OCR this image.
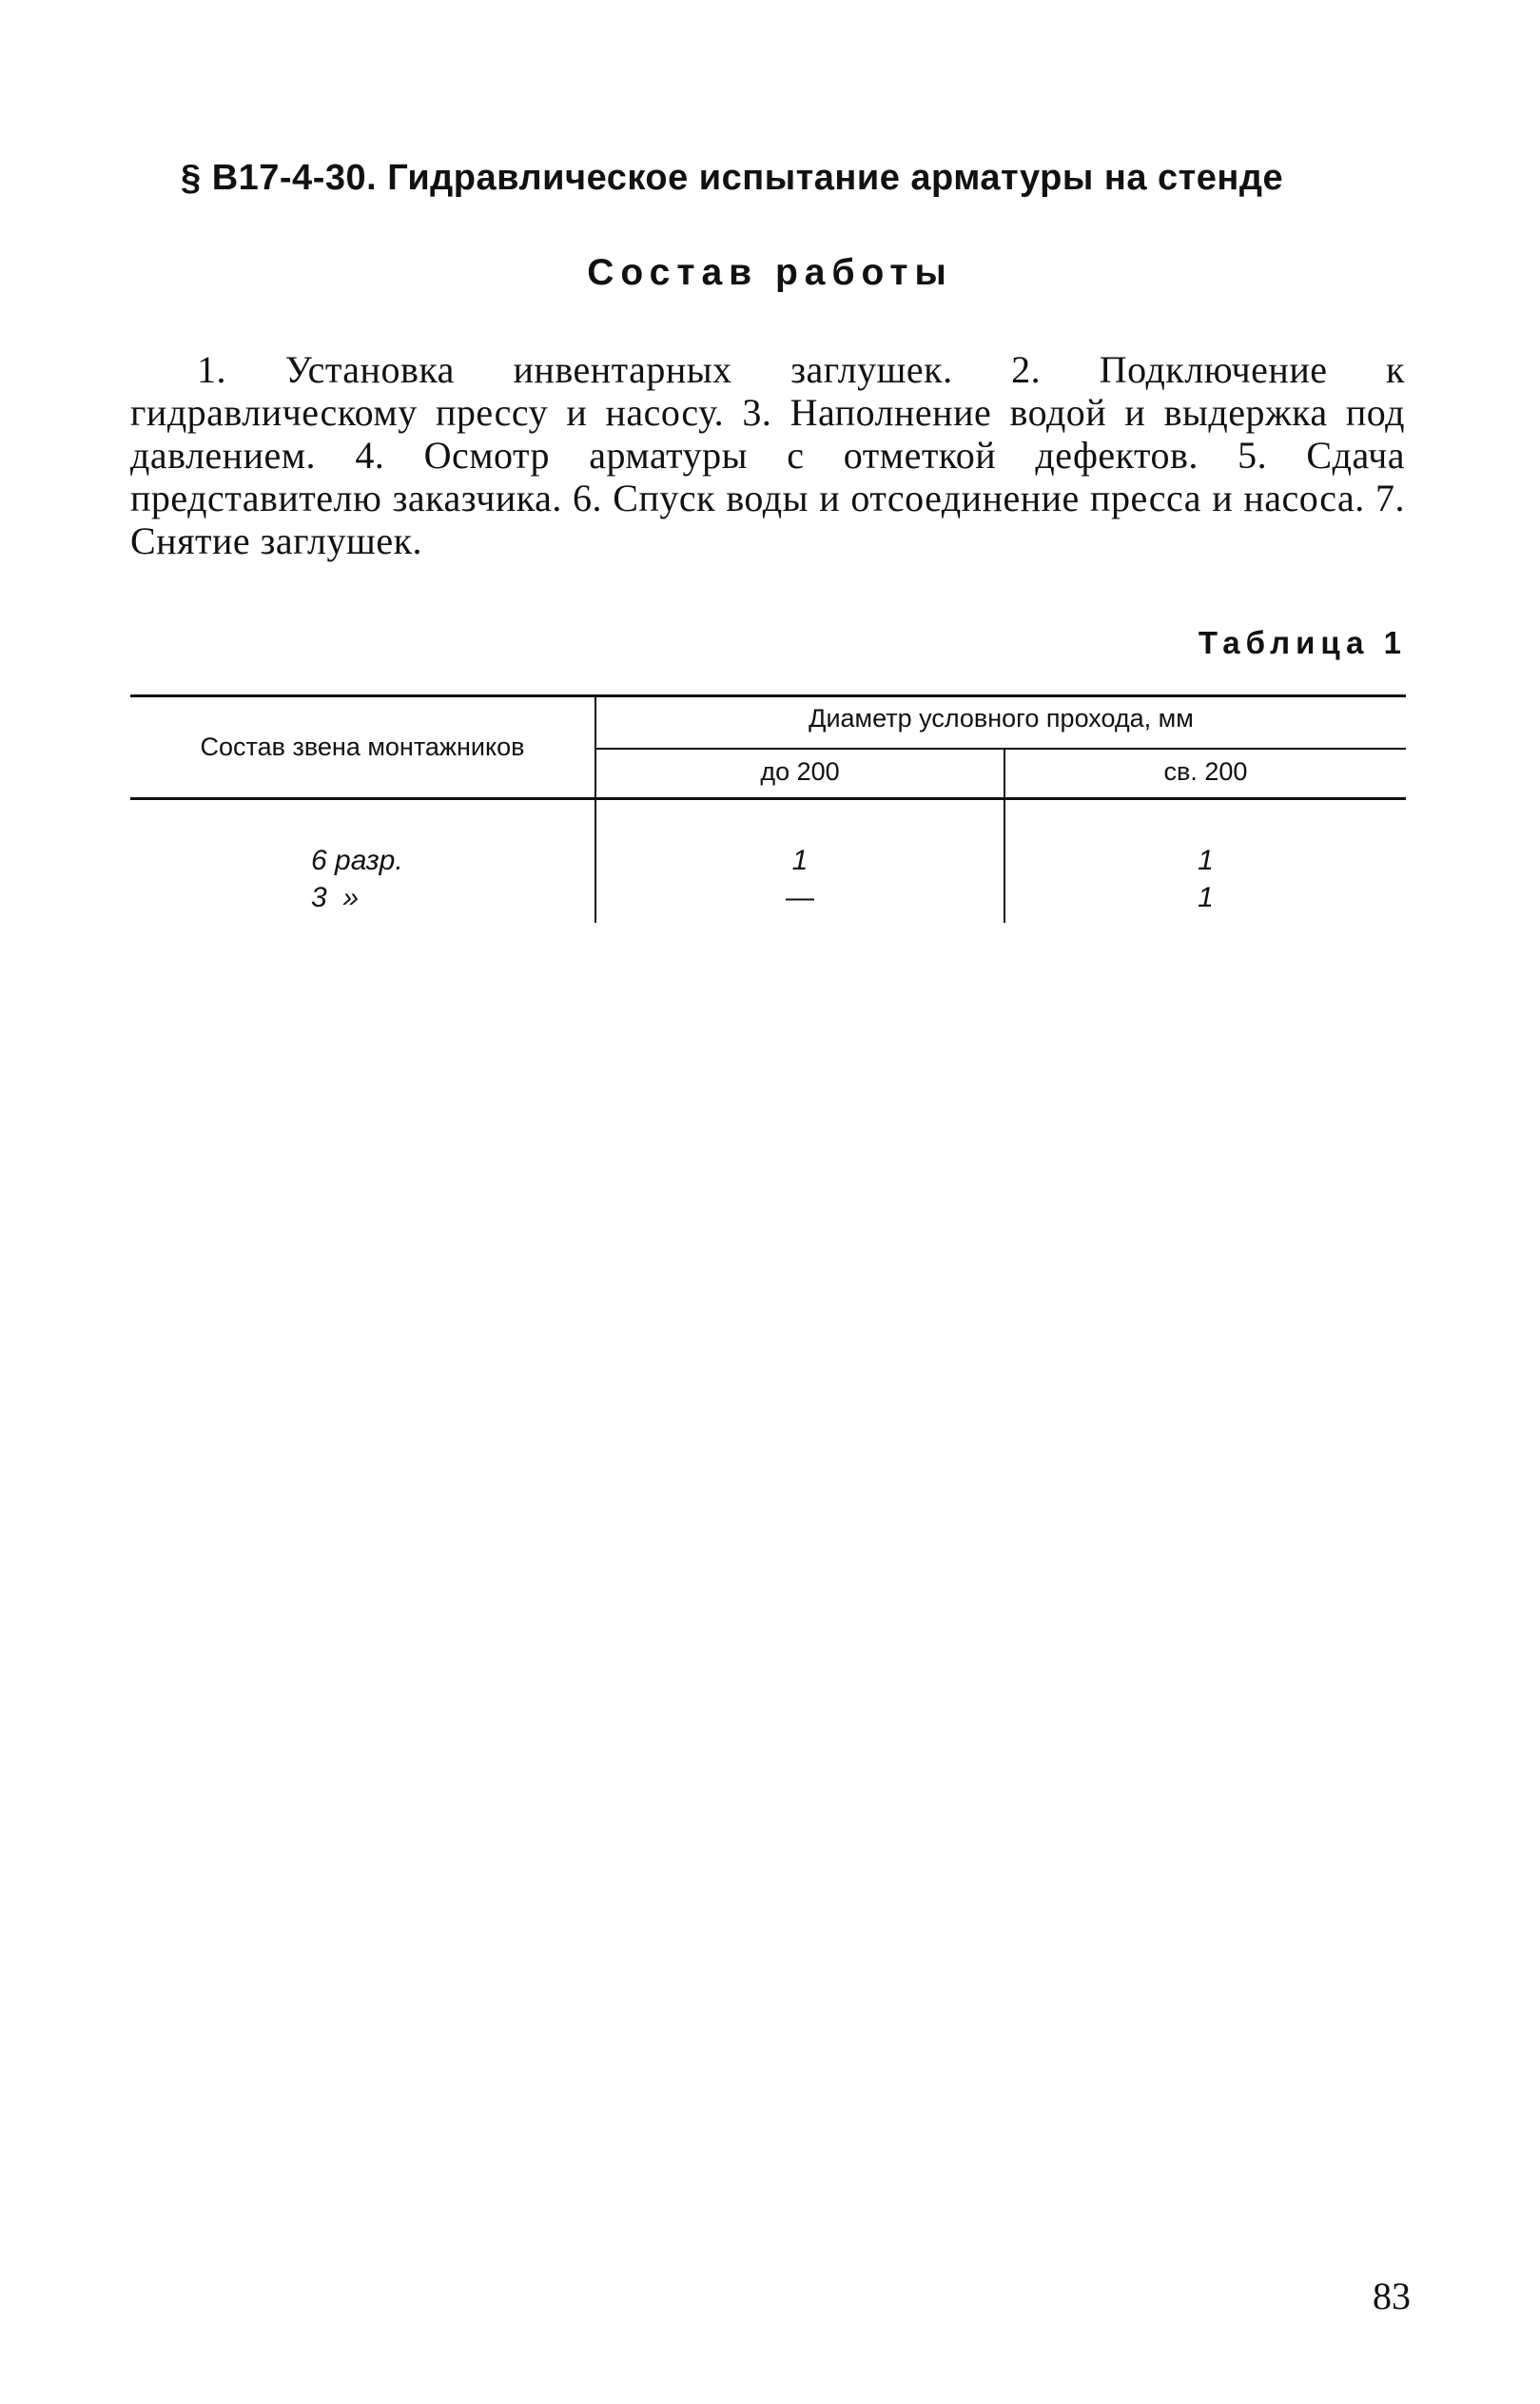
§ В17-4-30. Гидравлическое испытание арматуры на стенде
Состав работы

1. Установка инвентарных заглушек. 2. Подключение к гидравлическому прессу и насосу. 3. Наполнение водой и выдержка под давлением. 4. Осмотр арматуры с отметкой дефектов. 5. Сдача представителю заказчика. 6. Спуск воды и отсоединение пресса и насоса. 7. Снятие заглушек.

Таблица 1

Состав звена монтажников
Диаметр условного прохода, мм
до 200	св. 200
6 разр.	1	1
3  »	—	1

83
